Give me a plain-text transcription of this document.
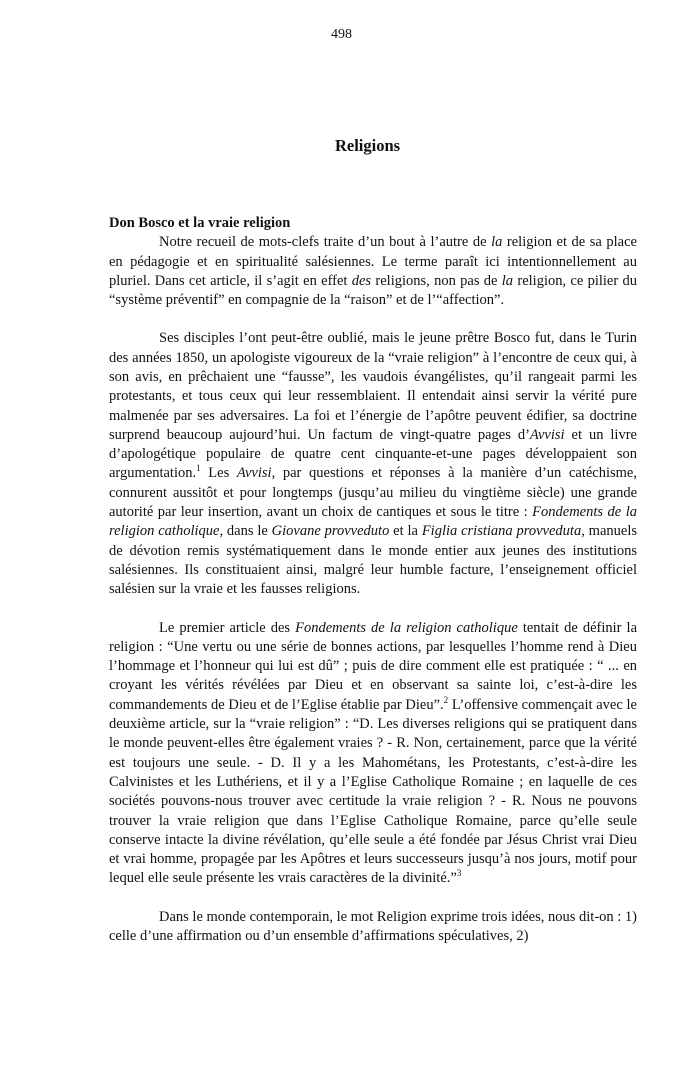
498
Religions
Don Bosco et la vraie religion

Notre recueil de mots-clefs traite d’un bout à l’autre de la religion et de sa place en pédagogie et en spiritualité salésiennes. Le terme paraît ici intentionnellement au pluriel. Dans cet article, il s’agit en effet des religions, non pas de la religion, ce pilier du “système préventif” en compagnie de la “raison” et de l’“affection”.

Ses disciples l’ont peut-être oublié, mais le jeune prêtre Bosco fut, dans le Turin des années 1850, un apologiste vigoureux de la “vraie religion” à l’encontre de ceux qui, à son avis, en prêchaient une “fausse”, les vaudois évangélistes, qu’il rangeait parmi les protestants, et tous ceux qui leur ressemblaient. Il entendait ainsi servir la vérité pure malmenée par ses adversaires. La foi et l’énergie de l’apôtre peuvent édifier, sa doctrine surprend beaucoup aujourd’hui. Un factum de vingt-quatre pages d’Avvisi et un livre d’apologétique populaire de quatre cent cinquante-et-une pages développaient son argumentation.$^1$ Les Avvisi, par questions et réponses à la manière d’un catéchisme, connurent aussitôt et pour longtemps (jusqu’au milieu du vingtième siècle) une grande autorité par leur insertion, avant un choix de cantiques et sous le titre : Fondements de la religion catholique, dans le Giovane provveduto et la Figlia cristiana provveduta, manuels de dévotion remis systématiquement dans le monde entier aux jeunes des institutions salésiennes. Ils constituaient ainsi, malgré leur humble facture, l’enseignement officiel salésien sur la vraie et les fausses religions.

Le premier article des Fondements de la religion catholique tentait de définir la religion : “Une vertu ou une série de bonnes actions, par lesquelles l’homme rend à Dieu l’hommage et l’honneur qui lui est dû” ; puis de dire comment elle est pratiquée : “ ... en croyant les vérités révélées par Dieu et en observant sa sainte loi, c’est-à-dire les commandements de Dieu et de l’Eglise établie par Dieu”.$^2$ L’offensive commençait avec le deuxième article, sur la “vraie religion” : “D. Les diverses religions qui se pratiquent dans le monde peuvent-elles être également vraies ? - R. Non, certainement, parce que la vérité est toujours une seule. - D. Il y a les Mahométans, les Protestants, c’est-à-dire les Calvinistes et les Luthériens, et il y a l’Eglise Catholique Romaine ; en laquelle de ces sociétés pouvons-nous trouver avec certitude la vraie religion ? - R. Nous ne pouvons trouver la vraie religion que dans l’Eglise Catholique Romaine, parce qu’elle seule conserve intacte la divine révélation, qu’elle seule a été fondée par Jésus Christ vrai Dieu et vrai homme, propagée par les Apôtres et leurs successeurs jusqu’à nos jours, motif pour lequel elle seule présente les vrais caractères de la divinité.”$^3$

Dans le monde contemporain, le mot Religion exprime trois idées, nous dit-on : 1) celle d’une affirmation ou d’un ensemble d’affirmations spéculatives, 2)
